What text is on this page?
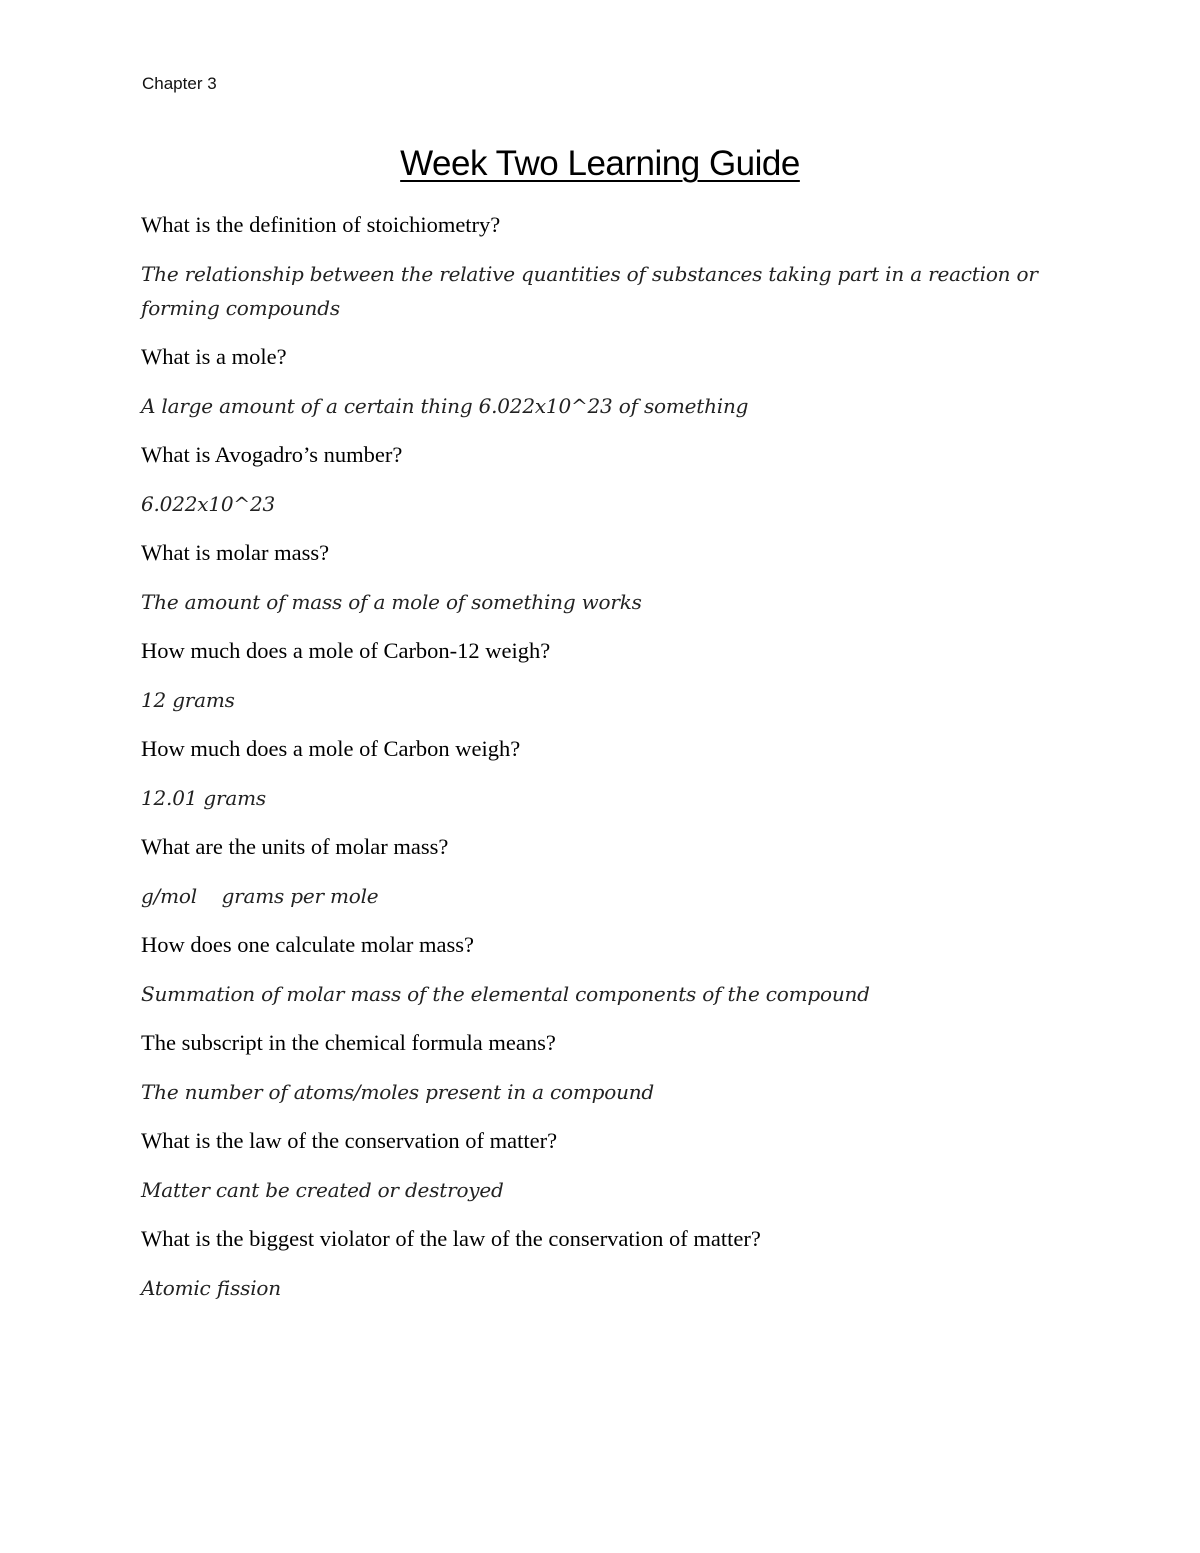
Chapter 3
Week Two Learning Guide
What is the definition of stoichiometry?
The relationship between the relative quantities of substances taking part in a reaction or forming compounds
What is a mole?
A large amount of a certain thing 6.022x10^23 of something
What is Avogadro’s number?
6.022x10^23
What is molar mass?
The amount of mass of a mole of something works
How much does a mole of Carbon-12 weigh?
12 grams
How much does a mole of Carbon weigh?
12.01 grams
What are the units of molar mass?
g/mol    grams per mole
How does one calculate molar mass?
Summation of molar mass of the elemental components of the compound
The subscript in the chemical formula means?
The number of atoms/moles present in a compound
What is the law of the conservation of matter?
Matter cant be created or destroyed
What is the biggest violator of the law of the conservation of matter?
Atomic fission
